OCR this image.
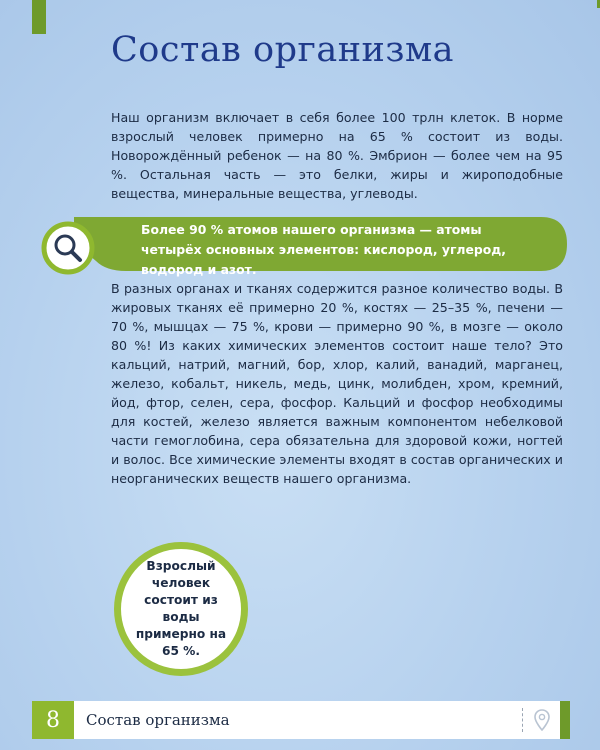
Состав организма

Наш организм включает в себя более 100 трлн клеток. В норме взрослый человек примерно на 65 % состоит из воды. Новорождённый ребенок — на 80 %. Эмбрион — более чем на 95 %. Остальная часть — это белки, жиры и жироподобные вещества, минеральные вещества, углеводы.

Более 90 % атомов нашего организма — атомы четырёх основных элементов: кислород, углерод, водород и азот.

В разных органах и тканях содержится разное количество воды. В жировых тканях её примерно 20 %, костях — 25–35 %, печени — 70 %, мышцах — 75 %, крови — примерно 90 %, в мозге — около 80 %! Из каких химических элементов состоит наше тело? Это кальций, натрий, магний, бор, хлор, калий, ванадий, марганец, железо, кобальт, никель, медь, цинк, молибден, хром, кремний, йод, фтор, селен, сера, фосфор. Кальций и фосфор необходимы для костей, железо является важным компонентом небелковой части гемоглобина, сера обязательна для здоровой кожи, ногтей и волос. Все химические элементы входят в состав органических и неорганических веществ нашего организма.

Взрослый человек состоит из воды примерно на 65 %.

8	Состав организма
